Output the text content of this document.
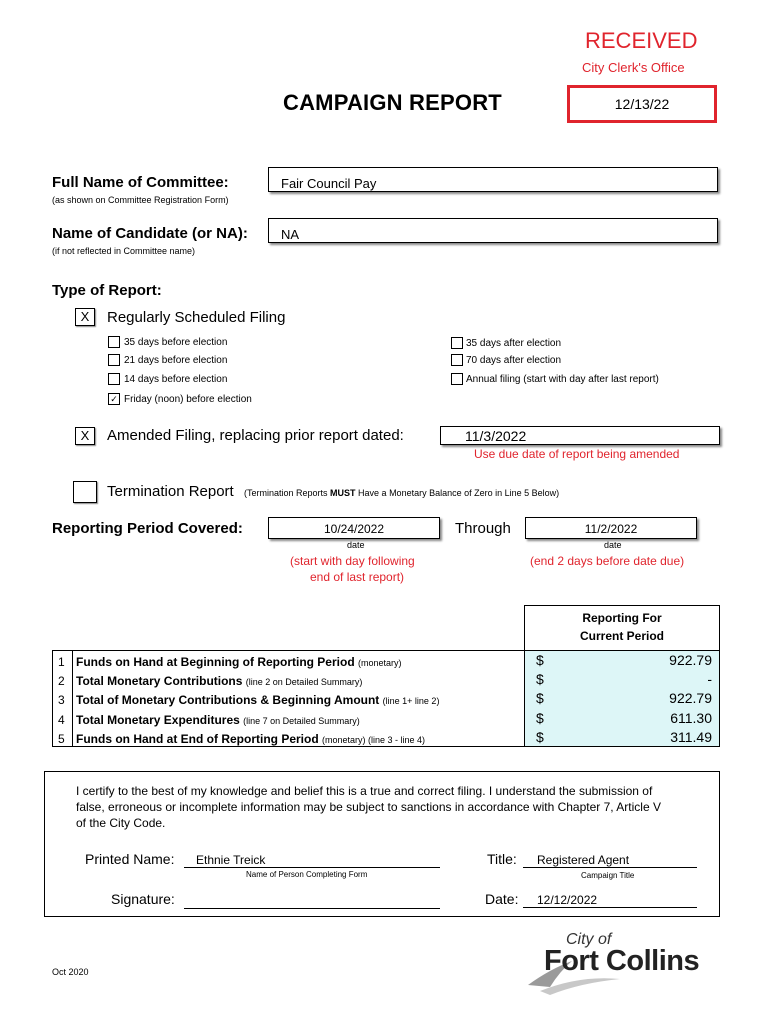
RECEIVED
City Clerk's Office
12/13/22
CAMPAIGN REPORT
Full Name of Committee:
(as shown on Committee Registration Form)
Fair Council Pay
Name of Candidate (or NA):
(if not reflected in Committee name)
NA
Type of Report:
X	Regularly Scheduled Filing
35 days before election
21 days before election
14 days before election
✓ Friday (noon) before election
35 days after election
70 days after election
Annual filing (start with day after last report)
X	Amended Filing, replacing prior report dated:	11/3/2022
Use due date of report being amended
Termination Report (Termination Reports MUST Have a Monetary Balance of Zero in Line 5 Below)
Reporting Period Covered:	10/24/2022
date
Through	11/2/2022
date
(start with day following
end of last report)
(end 2 days before date due)
Reporting For
Current Period
1 Funds on Hand at Beginning of Reporting Period (monetary)	$	922.79
2 Total Monetary Contributions (line 2 on Detailed Summary)	$	-
3 Total of Monetary Contributions & Beginning Amount (line 1+ line 2)	$	922.79
4 Total Monetary Expenditures (line 7 on Detailed Summary)	$	611.30
5 Funds on Hand at End of Reporting Period (monetary) (line 3 - line 4)	$	311.49
I certify to the best of my knowledge and belief this is a true and correct filing. I understand the submission of
false, erroneous or incomplete information may be subject to sanctions in accordance with Chapter 7, Article V
of the City Code.
Printed Name:	Ethnie Treick
Name of Person Completing Form
Title:	Registered Agent
Campaign Title
Signature:	Date:	12/12/2022
Oct 2020
City of
Fort Collins
